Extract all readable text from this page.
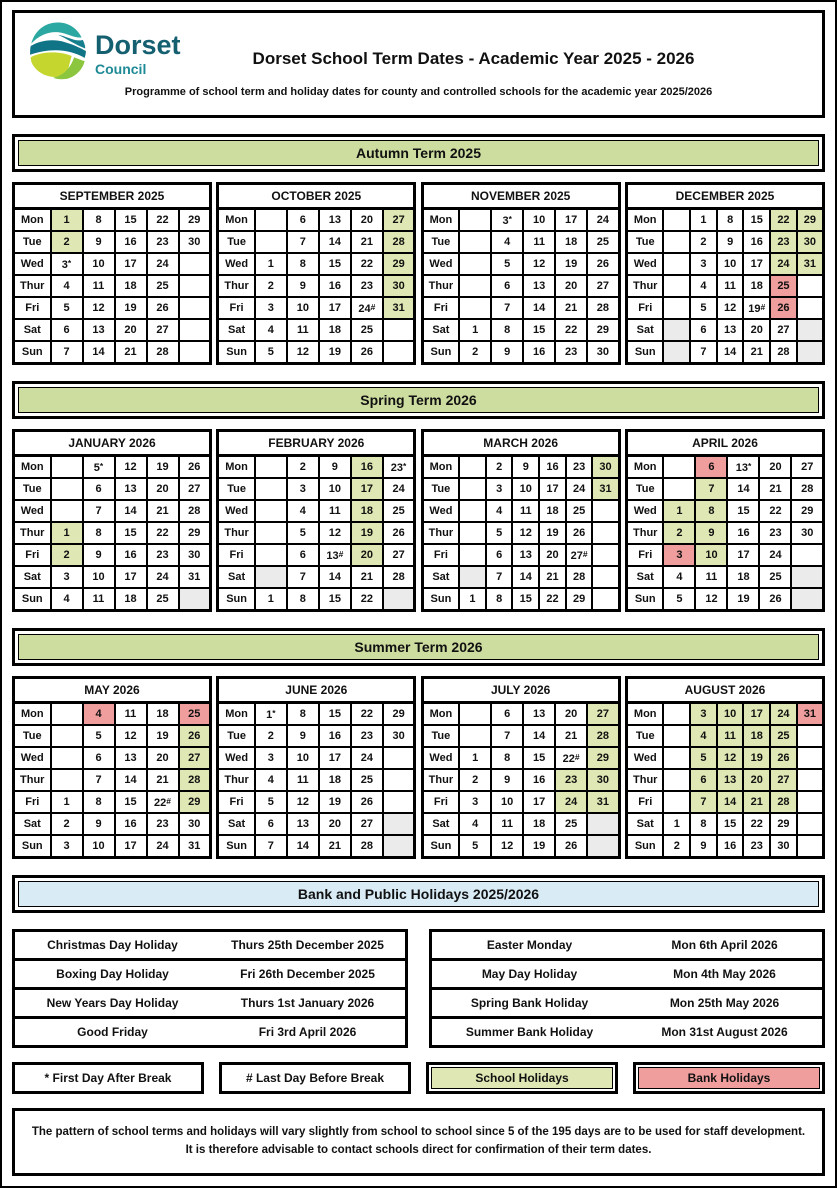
Dorset
Council
Dorset School Term Dates - Academic Year 2025 - 2026
Programme of school term and holiday dates for county and controlled schools for the academic year 2025/2026
Autumn Term 2025
SEPTEMBER 2025					
Mon	1	8	15	22	29
Tue	2	9	16	23	30
Wed	3*	10	17	24	
Thur	4	11	18	25	
Fri	5	12	19	26	
Sat	6	13	20	27	
Sun	7	14	21	28	
OCTOBER 2025					
Mon		6	13	20	27
Tue		7	14	21	28
Wed	1	8	15	22	29
Thur	2	9	16	23	30
Fri	3	10	17	24#	31
Sat	4	11	18	25	
Sun	5	12	19	26	
NOVEMBER 2025					
Mon		3*	10	17	24
Tue		4	11	18	25
Wed		5	12	19	26
Thur		6	13	20	27
Fri		7	14	21	28
Sat	1	8	15	22	29
Sun	2	9	16	23	30
DECEMBER 2025						
Mon		1	8	15	22	29
Tue		2	9	16	23	30
Wed		3	10	17	24	31
Thur		4	11	18	25	
Fri		5	12	19#	26	
Sat		6	13	20	27	
Sun		7	14	21	28	
Spring Term 2026
JANUARY 2026					
Mon		5*	12	19	26
Tue		6	13	20	27
Wed		7	14	21	28
Thur	1	8	15	22	29
Fri	2	9	16	23	30
Sat	3	10	17	24	31
Sun	4	11	18	25	
FEBRUARY 2026					
Mon		2	9	16	23*
Tue		3	10	17	24
Wed		4	11	18	25
Thur		5	12	19	26
Fri		6	13#	20	27
Sat		7	14	21	28
Sun	1	8	15	22	
MARCH 2026						
Mon		2	9	16	23	30
Tue		3	10	17	24	31
Wed		4	11	18	25	
Thur		5	12	19	26	
Fri		6	13	20	27#	
Sat		7	14	21	28	
Sun	1	8	15	22	29	
APRIL 2026					
Mon		6	13*	20	27
Tue		7	14	21	28
Wed	1	8	15	22	29
Thur	2	9	16	23	30
Fri	3	10	17	24	
Sat	4	11	18	25	
Sun	5	12	19	26	
Summer Term 2026
MAY 2026					
Mon		4	11	18	25
Tue		5	12	19	26
Wed		6	13	20	27
Thur		7	14	21	28
Fri	1	8	15	22#	29
Sat	2	9	16	23	30
Sun	3	10	17	24	31
JUNE 2026					
Mon	1*	8	15	22	29
Tue	2	9	16	23	30
Wed	3	10	17	24	
Thur	4	11	18	25	
Fri	5	12	19	26	
Sat	6	13	20	27	
Sun	7	14	21	28	
JULY 2026					
Mon		6	13	20	27
Tue		7	14	21	28
Wed	1	8	15	22#	29
Thur	2	9	16	23	30
Fri	3	10	17	24	31
Sat	4	11	18	25	
Sun	5	12	19	26	
AUGUST 2026						
Mon		3	10	17	24	31
Tue		4	11	18	25	
Wed		5	12	19	26	
Thur		6	13	20	27	
Fri		7	14	21	28	
Sat	1	8	15	22	29	
Sun	2	9	16	23	30	
Bank and Public Holidays 2025/2026
Christmas Day Holiday	Thurs 25th December 2025
Boxing Day Holiday	Fri 26th December 2025
New Years Day Holiday	Thurs 1st January 2026
Good Friday	Fri 3rd April 2026
Easter Monday	Mon 6th April 2026
May Day Holiday	Mon 4th May 2026
Spring Bank Holiday	Mon 25th May 2026
Summer Bank Holiday	Mon 31st August 2026
* First Day After Break	# Last Day Before Break	School Holidays	Bank Holidays
The pattern of school terms and holidays will vary slightly from school to school since 5 of the 195 days are to be used for staff development.
It is therefore advisable to contact schools direct for confirmation of their term dates.
